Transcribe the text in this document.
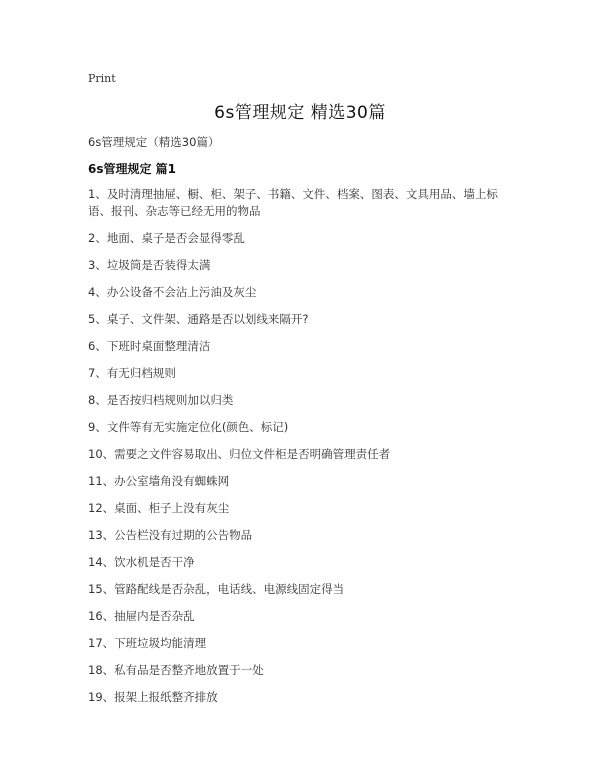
Print
6s管理规定 精选30篇
6s管理规定（精选30篇）
6s管理规定 篇1
1、及时清理抽屉、橱、柜、架子、书籍、文件、档案、图表、文具用品、墙上标语、报刊、杂志等已经无用的物品
2、地面、桌子是否会显得零乱
3、垃圾筒是否装得太满
4、办公设备不会沾上污油及灰尘
5、桌子、文件架、通路是否以划线来隔开?
6、下班时桌面整理清洁
7、有无归档规则
8、是否按归档规则加以归类
9、文件等有无实施定位化(颜色、标记)
10、需要之文件容易取出、归位文件柜是否明确管理责任者
11、办公室墙角没有蜘蛛网
12、桌面、柜子上没有灰尘
13、公告栏没有过期的公告物品
14、饮水机是否干净
15、管路配线是否杂乱，电话线、电源线固定得当
16、抽屉内是否杂乱
17、下班垃圾均能清理
18、私有品是否整齐地放置于一处
19、报架上报纸整齐排放
